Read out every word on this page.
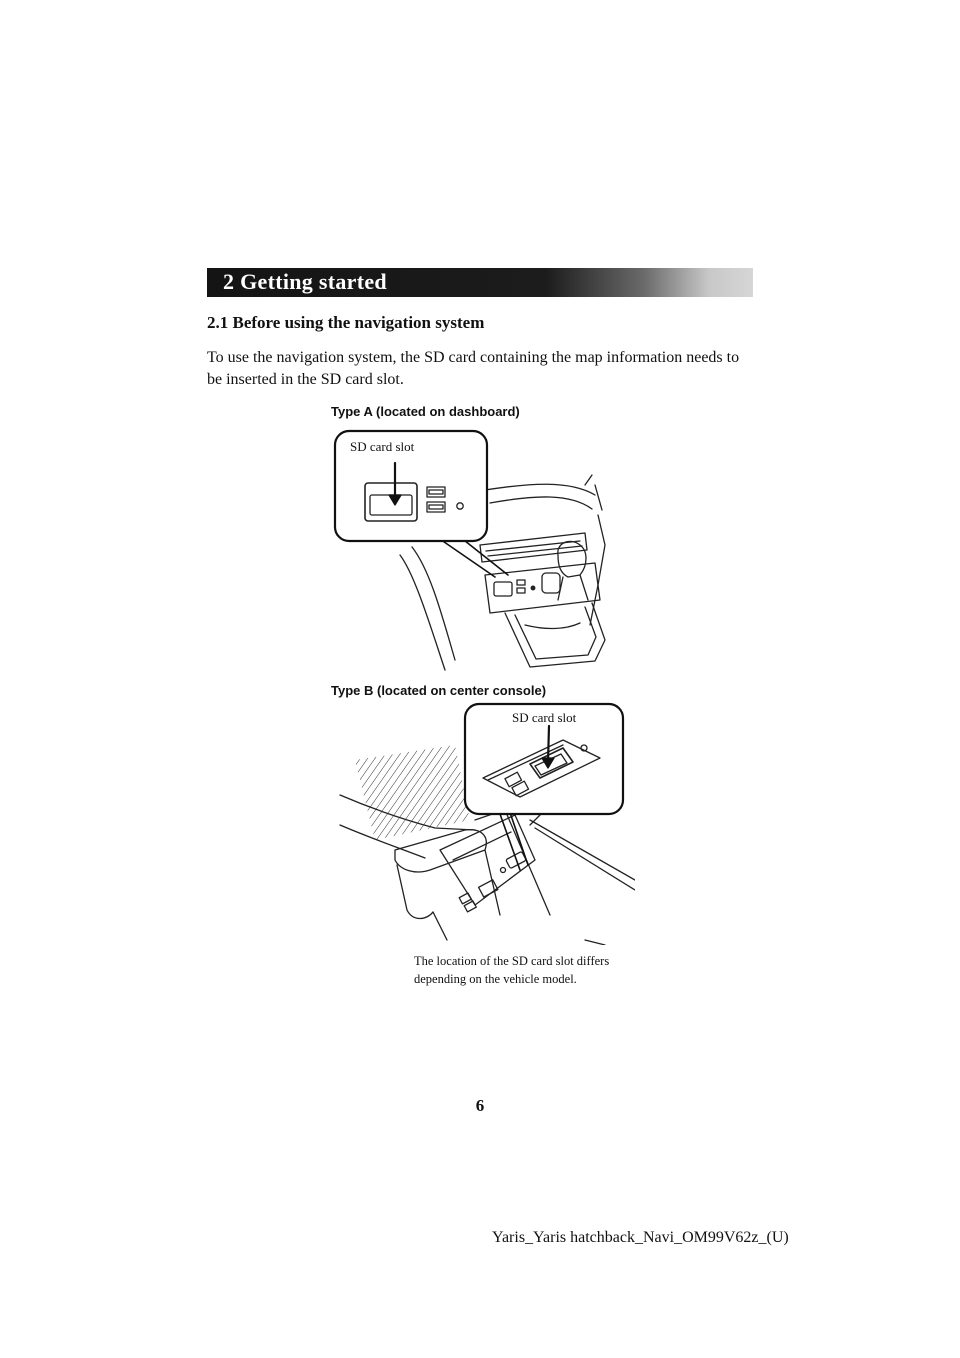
2 Getting started
2.1 Before using the navigation system

To use the navigation system, the SD card containing the map information needs to
be inserted in the SD card slot.

Type A (located on dashboard)
SD card slot
Type B (located on center console)
SD card slot
The location of the SD card slot differs
depending on the vehicle model.
6
Yaris_Yaris hatchback_Navi_OM99V62z_(U)
